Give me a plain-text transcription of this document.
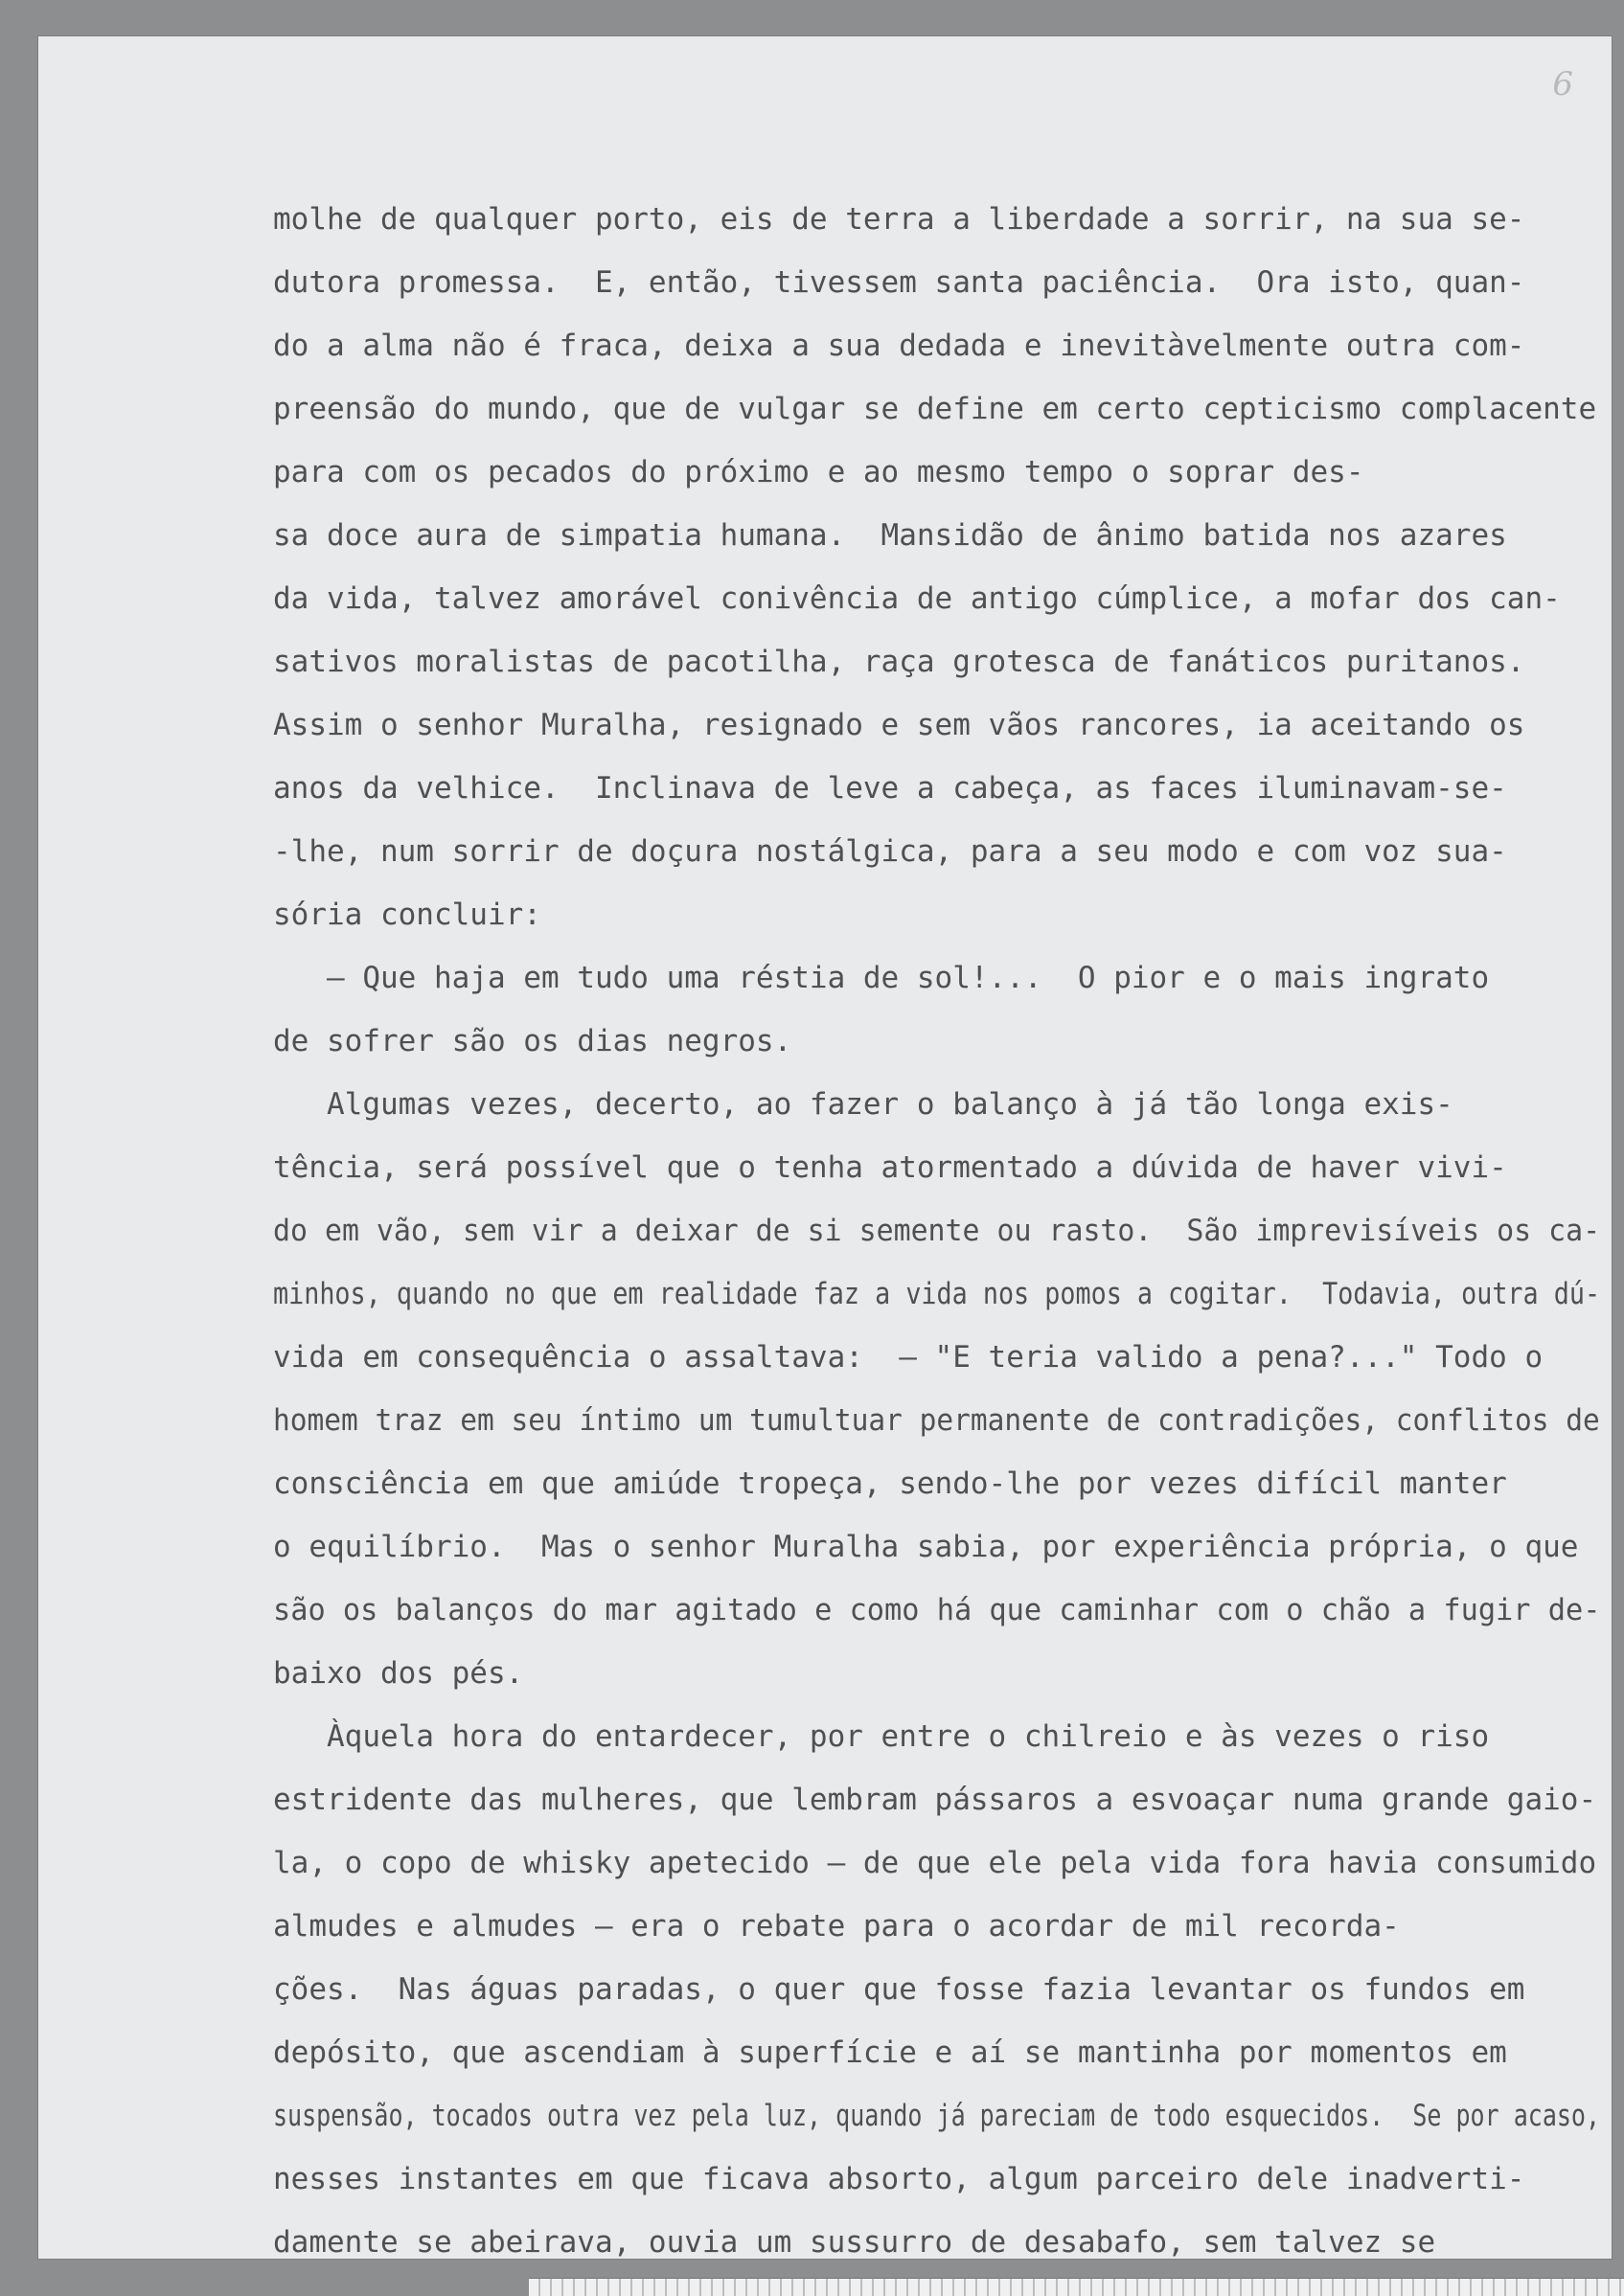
6
molhe de qualquer porto, eis de terra a liberdade a sorrir, na sua se-
dutora promessa.  E, então, tivessem santa paciência.  Ora isto, quan-
do a alma não é fraca, deixa a sua dedada e inevitàvelmente outra com-
preensão do mundo, que de vulgar se define em certo cepticismo complacente
para com os pecados do próximo e ao mesmo tempo o soprar des-
sa doce aura de simpatia humana.  Mansidão de ânimo batida nos azares
da vida, talvez amorável conivência de antigo cúmplice, a mofar dos can-
sativos moralistas de pacotilha, raça grotesca de fanáticos puritanos.
Assim o senhor Muralha, resignado e sem vãos rancores, ia aceitando os
anos da velhice.  Inclinava de leve a cabeça, as faces iluminavam-se-
-lhe, num sorrir de doçura nostálgica, para a seu modo e com voz sua-
sória concluir:
— Que haja em tudo uma réstia de sol!...  O pior e o mais ingrato
de sofrer são os dias negros.
Algumas vezes, decerto, ao fazer o balanço à já tão longa exis-
tência, será possível que o tenha atormentado a dúvida de haver vivi-
do em vão, sem vir a deixar de si semente ou rasto.  São imprevisíveis os ca-
minhos, quando no que em realidade faz a vida nos pomos a cogitar.  Todavia, outra dú-
vida em consequência o assaltava:  — "E teria valido a pena?..." Todo o
homem traz em seu íntimo um tumultuar permanente de contradições, conflitos de
consciência em que amiúde tropeça, sendo-lhe por vezes difícil manter
o equilíbrio.  Mas o senhor Muralha sabia, por experiência própria, o que
são os balanços do mar agitado e como há que caminhar com o chão a fugir de-
baixo dos pés.
Àquela hora do entardecer, por entre o chilreio e às vezes o riso
estridente das mulheres, que lembram pássaros a esvoaçar numa grande gaio-
la, o copo de whisky apetecido — de que ele pela vida fora havia consumido
almudes e almudes — era o rebate para o acordar de mil recorda-
ções.  Nas águas paradas, o quer que fosse fazia levantar os fundos em
depósito, que ascendiam à superfície e aí se mantinha por momentos em
suspensão, tocados outra vez pela luz, quando já pareciam de todo esquecidos.  Se por acaso,
nesses instantes em que ficava absorto, algum parceiro dele inadverti-
damente se abeirava, ouvia um sussurro de desabafo, sem talvez se
